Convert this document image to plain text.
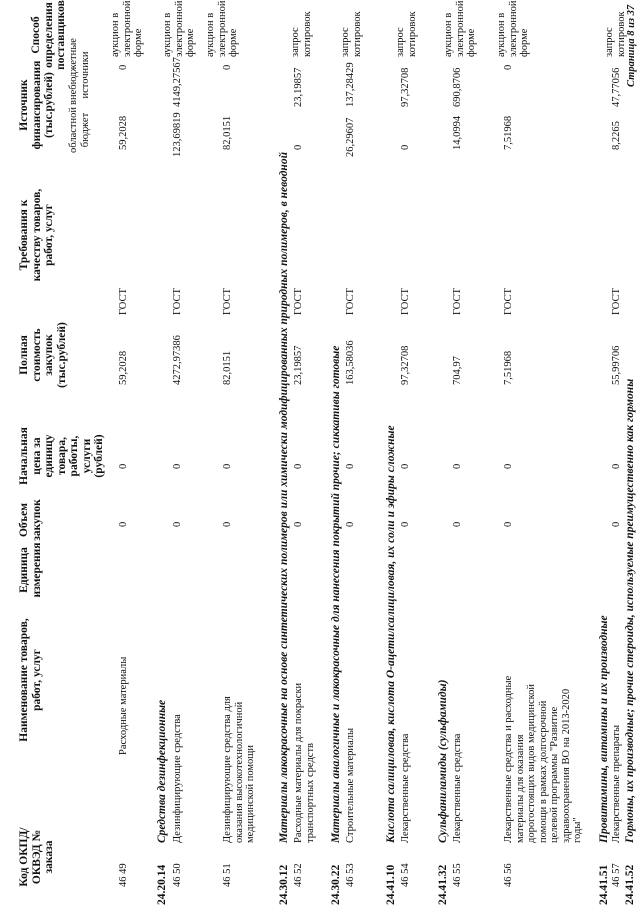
Код ОКПД/ ОКВЭД № заказа
Наименование товаров, работ, услуг
Единица измерения
Объем закупок
Начальная цена за единицу товара, работы, услуги (рублей)
Полная стоимость закупок (тыс.рублей)
Требования к качеству товаров, работ, услуг
Источник финансирования (тыс.рублей) областной бюджет
внебюджетные источники
Способ определения поставщиков
46 49
Расходные материалы
0
0
59,2028
ГОСТ
59,2028
0
аукцион в электронной форме
24.20.14
Средства дезинфекционные
46 50
Дезинфицирующие средства
0
0
4272,97386
ГОСТ
123,69819
4149,27567
аукцион в электронной форме
46 51
Дезинфицирующие средства для оказания высокотехнологичной медицинской помощи
0
0
82,0151
ГОСТ
82,0151
0
аукцион в электронной форме
24.30.12
Материалы лакокрасочные на основе синтетических полимеров или химически модифицированных природных полимеров, в неводной
46 52
Расходные материалы для покраски транспортных средств
0
0
23,19857
ГОСТ
0
23,19857
запрос котировок
24.30.22
Материалы аналогичные и лакокрасочные для нанесения покрытий прочие; сиккативы готовые
46 53
Строительные материалы
0
0
163,58036
ГОСТ
26,29607
137,28429
запрос котировок
24.41.10
Кислота салициловая, кислота О-ацетилсалициловая, их соли и эфиры сложные
46 54
Лекарственные средства
0
0
97,32708
ГОСТ
0
97,32708
запрос котировок
24.41.32
Сульфаниламиды (сульфамиды)
46 55
Лекарственные средства
0
0
704,97
ГОСТ
14,0994
690,8706
аукцион в электронной форме
46 56
Лекарственные средства и расходные материалы для оказания дорогостоящих видов медицинской помощи в рамках долгосрочной целевой программы "Развитие здравоохранения ВО на 2013-2020 годы"
0
0
7,51968
ГОСТ
7,51968
0
аукцион в электронной форме
24.41.51
Провитамины, витамины и их производные
46 57
Лекарственные препараты
0
0
55,99706
ГОСТ
8,2265
47,77056
запрос котировок
24.41.52
Гормоны, их производные; прочие стероиды, используемые преимущественно как гормоны
Страница 8 из 37
